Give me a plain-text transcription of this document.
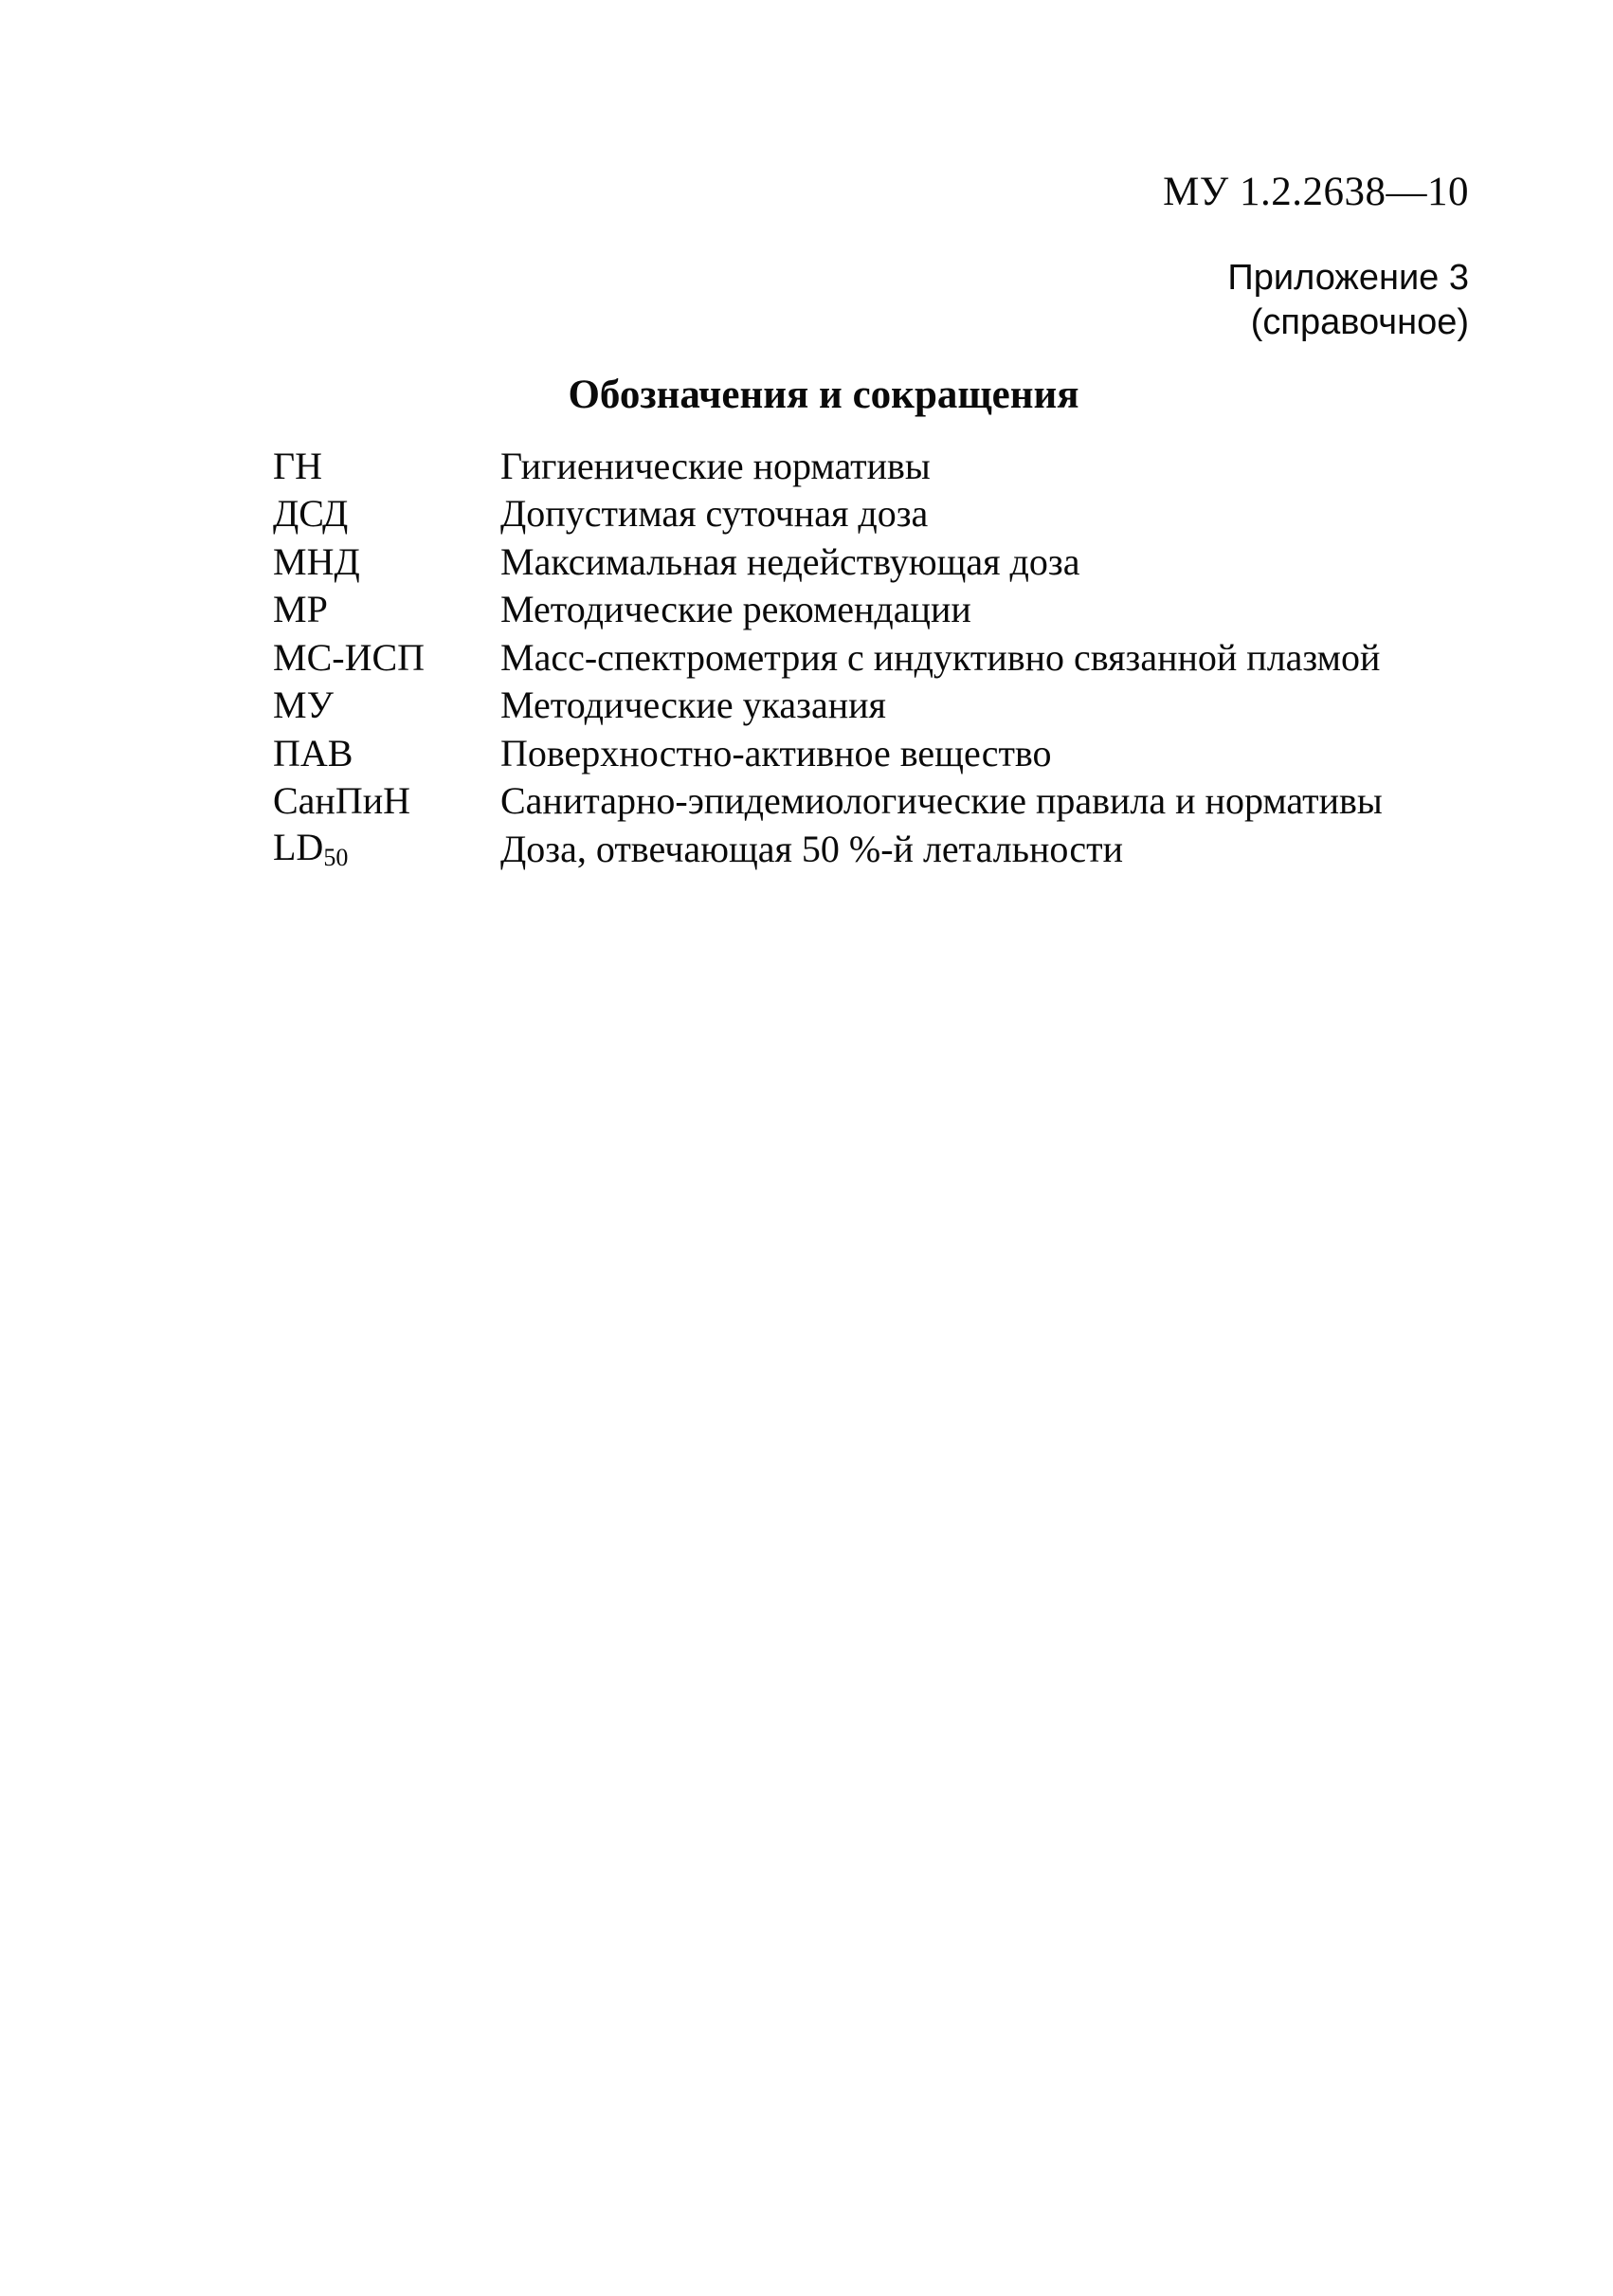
МУ 1.2.2638—10
Приложение 3
(справочное)
Обозначения и сокращения
ГН	Гигиенические нормативы
ДСД	Допустимая суточная доза
МНД	Максимальная недействующая доза
МР	Методические рекомендации
МС-ИСП	Масс-спектрометрия с индуктивно связанной плазмой
МУ	Методические указания
ПАВ	Поверхностно-активное вещество
СанПиН	Санитарно-эпидемиологические правила и нормативы
$LD_{50}$	Доза, отвечающая 50 %-й летальности
